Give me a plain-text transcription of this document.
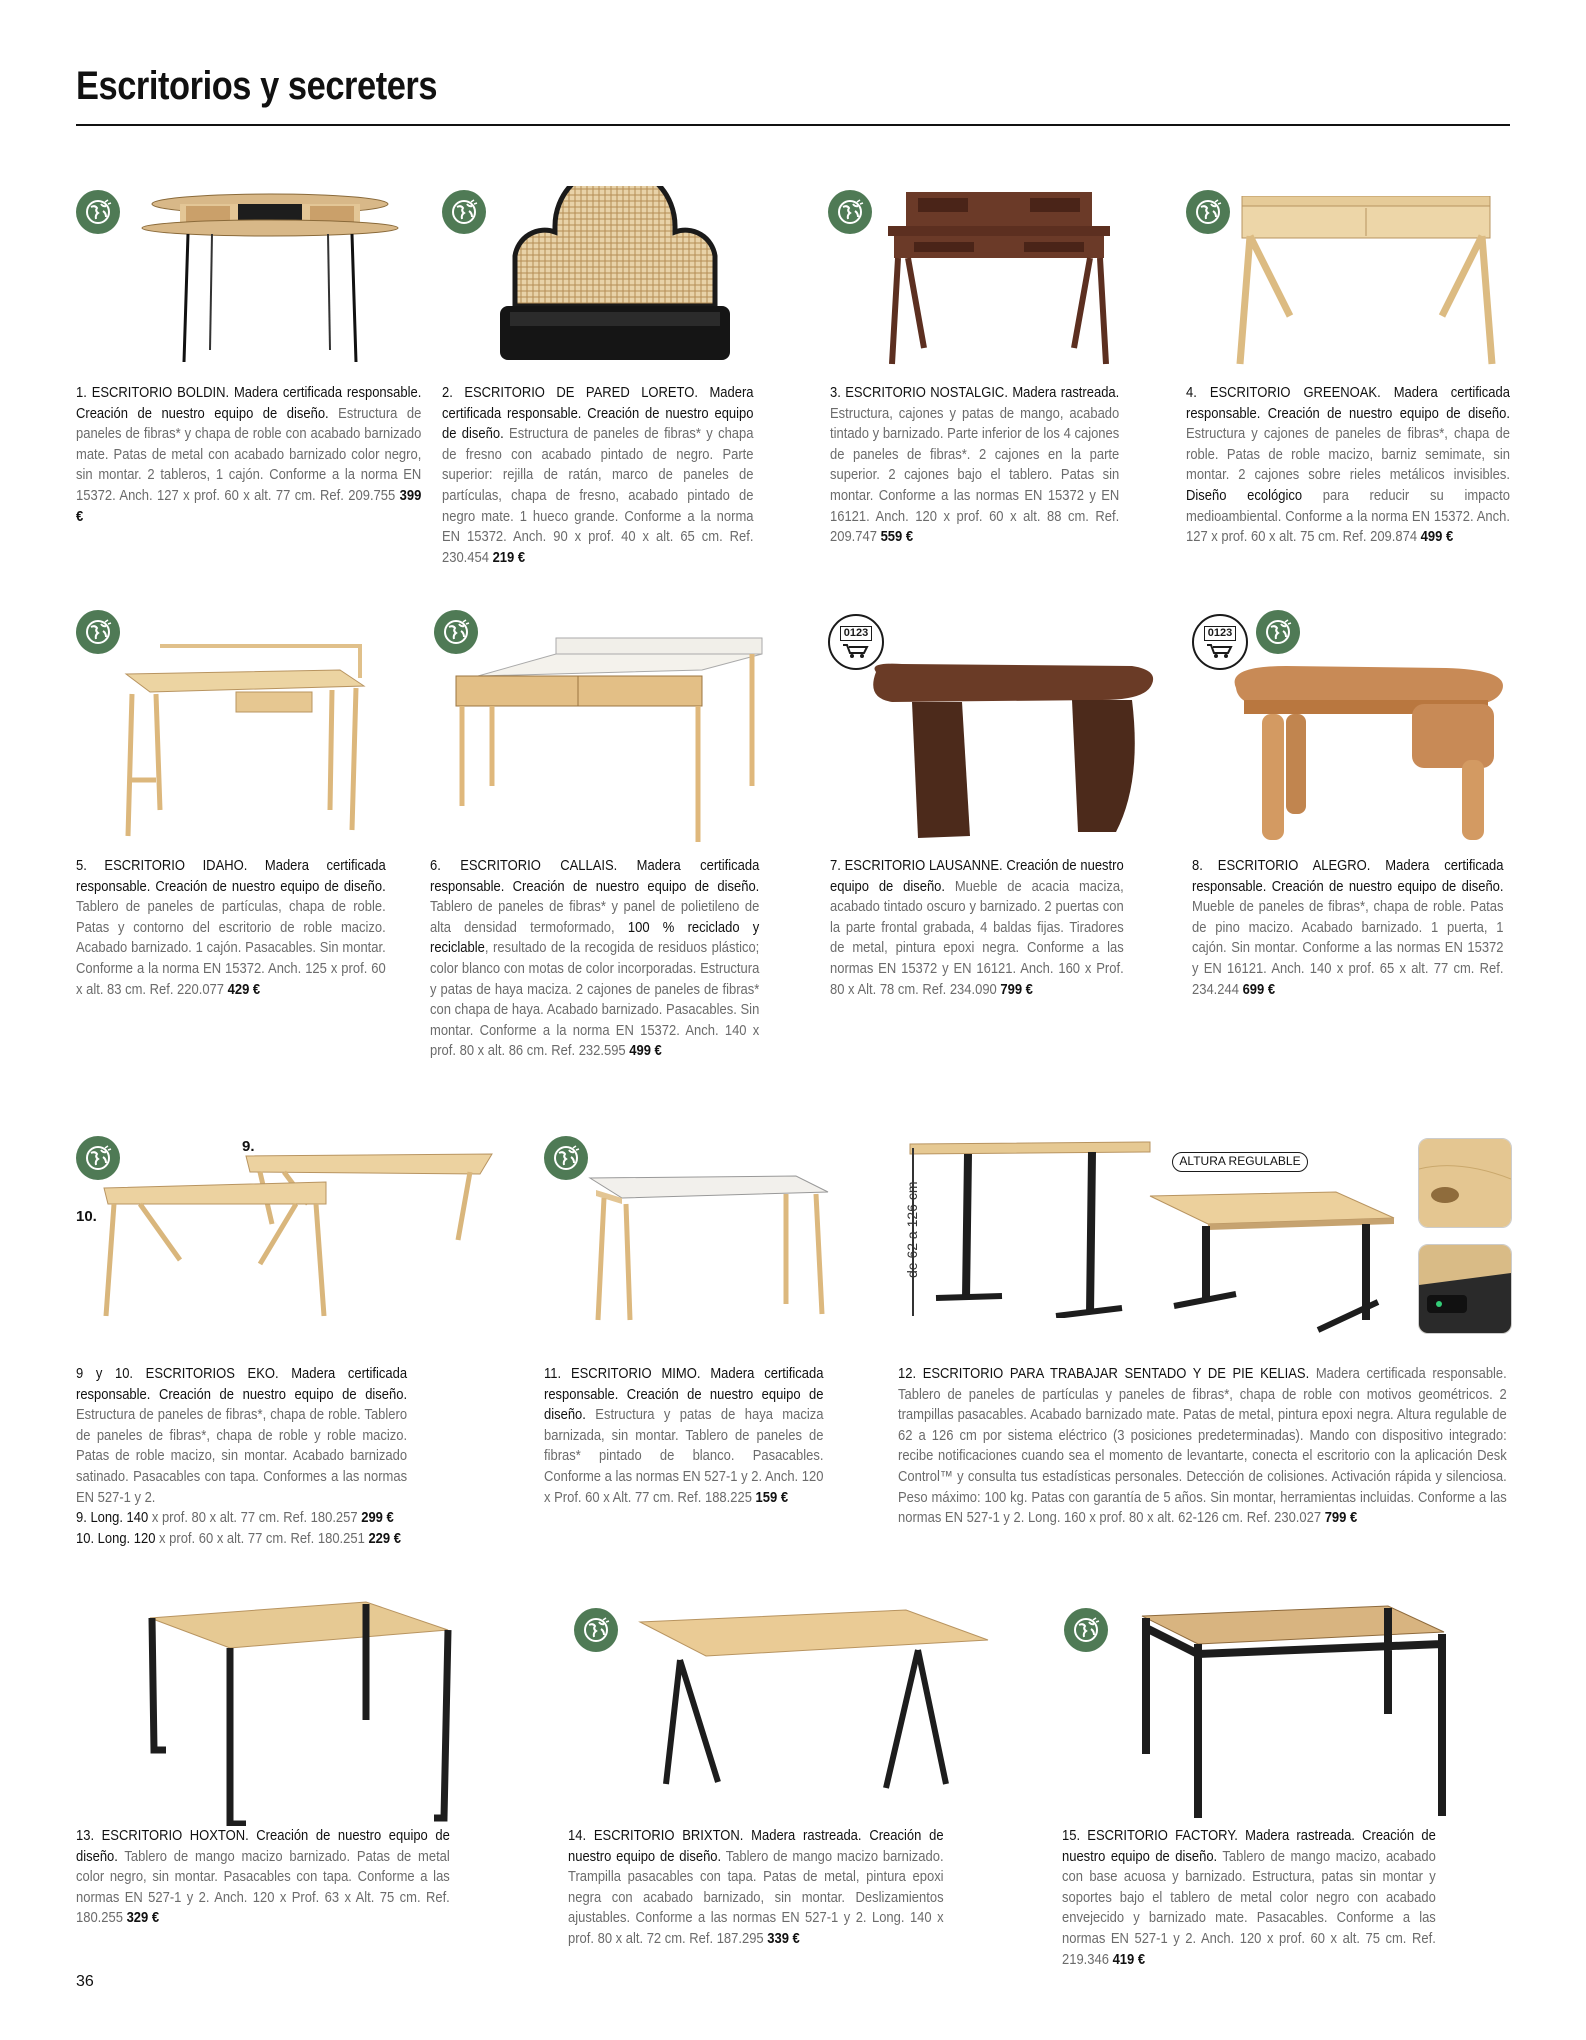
Escritorios y secreters
0123	0123
ALTURA REGULABLE
de 62 a 126 cm
9.
10.
1. ESCRITORIO BOLDIN. Madera certificada responsable. Creación de nuestro equipo de diseño. Estructura de paneles de fibras* y chapa de roble con acabado barnizado mate. Patas de metal con acabado barnizado color negro, sin montar. 2 tableros, 1 cajón. Conforme a la norma EN 15372. Anch. 127 x prof. 60 x alt. 77 cm. Ref. 209.755 399 €
2. ESCRITORIO DE PARED LORETO. Madera certificada responsable. Creación de nuestro equipo de diseño. Estructura de paneles de fibras* y chapa de fresno con acabado pintado de negro. Parte superior: rejilla de ratán, marco de paneles de partículas, chapa de fresno, acabado pintado de negro mate. 1 hueco grande. Conforme a la norma EN 15372. Anch. 90 x prof. 40 x alt. 65 cm. Ref. 230.454 219 €
3. ESCRITORIO NOSTALGIC. Madera rastreada. Estructura, cajones y patas de mango, acabado tintado y barnizado. Parte inferior de los 4 cajones de paneles de fibras*. 2 cajones en la parte superior. 2 cajones bajo el tablero. Patas sin montar. Conforme a las normas EN 15372 y EN 16121. Anch. 120 x prof. 60 x alt. 88 cm. Ref. 209.747 559 €
4. ESCRITORIO GREENOAK. Madera certificada responsable. Creación de nuestro equipo de diseño. Estructura y cajones de paneles de fibras*, chapa de roble. Patas de roble macizo, barniz semimate, sin montar. 2 cajones sobre rieles metálicos invisibles. Diseño ecológico para reducir su impacto medioambiental. Conforme a la norma EN 15372. Anch. 127 x prof. 60 x alt. 75 cm. Ref. 209.874 499 €
5. ESCRITORIO IDAHO. Madera certificada responsable. Creación de nuestro equipo de diseño. Tablero de paneles de partículas, chapa de roble. Patas y contorno del escritorio de roble macizo. Acabado barnizado. 1 cajón. Pasacables. Sin montar. Conforme a la norma EN 15372. Anch. 125 x prof. 60 x alt. 83 cm. Ref. 220.077 429 €
6. ESCRITORIO CALLAIS. Madera certificada responsable. Creación de nuestro equipo de diseño. Tablero de paneles de fibras* y panel de polietileno de alta densidad termoformado, 100 % reciclado y reciclable, resultado de la recogida de residuos plástico; color blanco con motas de color incorporadas. Estructura y patas de haya maciza. 2 cajones de paneles de fibras* con chapa de haya. Acabado barnizado. Pasacables. Sin montar. Conforme a la norma EN 15372. Anch. 140 x prof. 80 x alt. 86 cm. Ref. 232.595 499 €
7. ESCRITORIO LAUSANNE. Creación de nuestro equipo de diseño. Mueble de acacia maciza, acabado tintado oscuro y barnizado. 2 puertas con la parte frontal grabada, 4 baldas fijas. Tiradores de metal, pintura epoxi negra. Conforme a las normas EN 15372 y EN 16121. Anch. 160 x Prof. 80 x Alt. 78 cm. Ref. 234.090 799 €
8. ESCRITORIO ALEGRO. Madera certificada responsable. Creación de nuestro equipo de diseño. Mueble de paneles de fibras*, chapa de roble. Patas de pino macizo. Acabado barnizado. 1 puerta, 1 cajón. Sin montar. Conforme a las normas EN 15372 y EN 16121. Anch. 140 x prof. 65 x alt. 77 cm. Ref. 234.244 699 €
9 y 10. ESCRITORIOS EKO. Madera certificada responsable. Creación de nuestro equipo de diseño. Estructura de paneles de fibras*, chapa de roble. Tablero de paneles de fibras*, chapa de roble y roble macizo. Patas de roble macizo, sin montar. Acabado barnizado satinado. Pasacables con tapa. Conformes a las normas EN 527-1 y 2.
9. Long. 140 x prof. 80 x alt. 77 cm. Ref. 180.257 299 €
10. Long. 120 x prof. 60 x alt. 77 cm. Ref. 180.251 229 €
11. ESCRITORIO MIMO. Madera certificada responsable. Creación de nuestro equipo de diseño. Estructura y patas de haya maciza barnizada, sin montar. Tablero de paneles de fibras* pintado de blanco. Pasacables. Conforme a las normas EN 527-1 y 2. Anch. 120 x Prof. 60 x Alt. 77 cm. Ref. 188.225 159 €
12. ESCRITORIO PARA TRABAJAR SENTADO Y DE PIE KELIAS. Madera certificada responsable. Tablero de paneles de partículas y paneles de fibras*, chapa de roble con motivos geométricos. 2 trampillas pasacables. Acabado barnizado mate. Patas de metal, pintura epoxi negra. Altura regulable de 62 a 126 cm por sistema eléctrico (3 posiciones predeterminadas). Mando con dispositivo integrado: recibe notificaciones cuando sea el momento de levantarte, conecta el escritorio con la aplicación Desk Control™ y consulta tus estadísticas personales. Detección de colisiones. Activación rápida y silenciosa. Peso máximo: 100 kg. Patas con garantía de 5 años. Sin montar, herramientas incluidas. Conforme a las normas EN 527-1 y 2. Long. 160 x prof. 80 x alt. 62-126 cm. Ref. 230.027 799 €
13. ESCRITORIO HOXTON. Creación de nuestro equipo de diseño. Tablero de mango macizo barnizado. Patas de metal color negro, sin montar. Pasacables con tapa. Conforme a las normas EN 527-1 y 2. Anch. 120 x Prof. 63 x Alt. 75 cm. Ref. 180.255 329 €
14. ESCRITORIO BRIXTON. Madera rastreada. Creación de nuestro equipo de diseño. Tablero de mango macizo barnizado. Trampilla pasacables con tapa. Patas de metal, pintura epoxi negra con acabado barnizado, sin montar. Deslizamientos ajustables. Conforme a las normas EN 527-1 y 2. Long. 140 x prof. 80 x alt. 72 cm. Ref. 187.295 339 €
15. ESCRITORIO FACTORY. Madera rastreada. Creación de nuestro equipo de diseño. Tablero de mango macizo, acabado con base acuosa y barnizado. Estructura, patas sin montar y soportes bajo el tablero de metal color negro con acabado envejecido y barnizado mate. Pasacables. Conforme a las normas EN 527-1 y 2. Anch. 120 x prof. 60 x alt. 75 cm. Ref. 219.346 419 €
36
